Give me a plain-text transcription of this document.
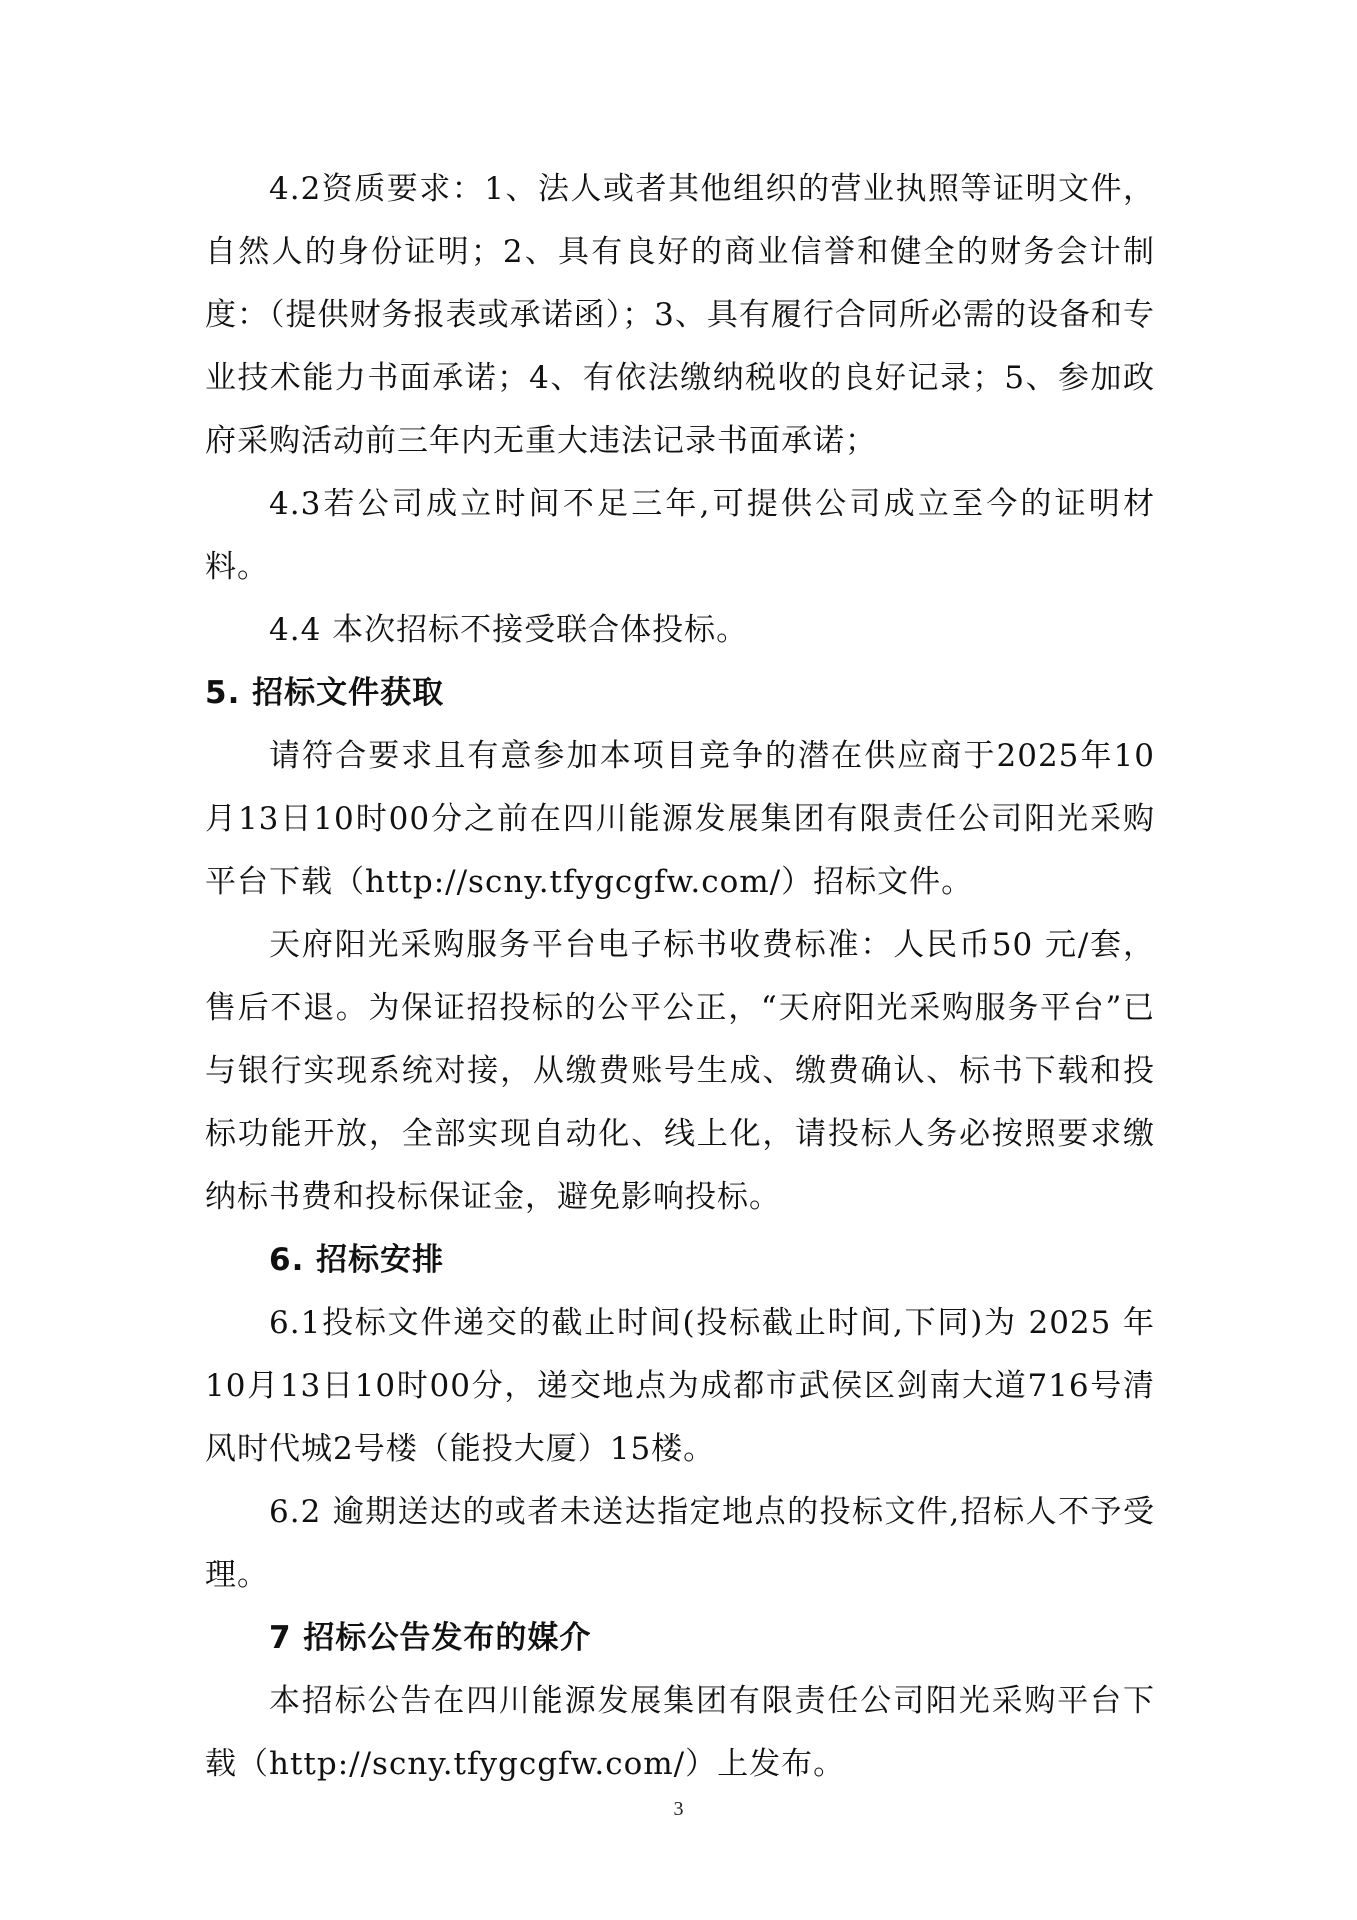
4.2资质要求：1、法人或者其他组织的营业执照等证明文件，自然人的身份证明；2、具有良好的商业信誉和健全的财务会计制度：（提供财务报表或承诺函）；3、具有履行合同所必需的设备和专业技术能力书面承诺；4、有依法缴纳税收的良好记录；5、参加政府采购活动前三年内无重大违法记录书面承诺；

4.3若公司成立时间不足三年,可提供公司成立至今的证明材料。

4.4 本次招标不接受联合体投标。

5. 招标文件获取

请符合要求且有意参加本项目竞争的潜在供应商于2025年10月13日10时00分之前在四川能源发展集团有限责任公司阳光采购平台下载（http://scny.tfygcgfw.com/）招标文件。

天府阳光采购服务平台电子标书收费标准：人民币50 元/套，售后不退。为保证招投标的公平公正，“天府阳光采购服务平台”已与银行实现系统对接，从缴费账号生成、缴费确认、标书下载和投标功能开放，全部实现自动化、线上化，请投标人务必按照要求缴纳标书费和投标保证金，避免影响投标。

6. 招标安排

6.1投标文件递交的截止时间(投标截止时间,下同)为 2025 年10月13日10时00分，递交地点为成都市武侯区剑南大道716号清风时代城2号楼（能投大厦）15楼。

6.2 逾期送达的或者未送达指定地点的投标文件,招标人不予受理。

7 招标公告发布的媒介

本招标公告在四川能源发展集团有限责任公司阳光采购平台下载（http://scny.tfygcgfw.com/）上发布。

3
